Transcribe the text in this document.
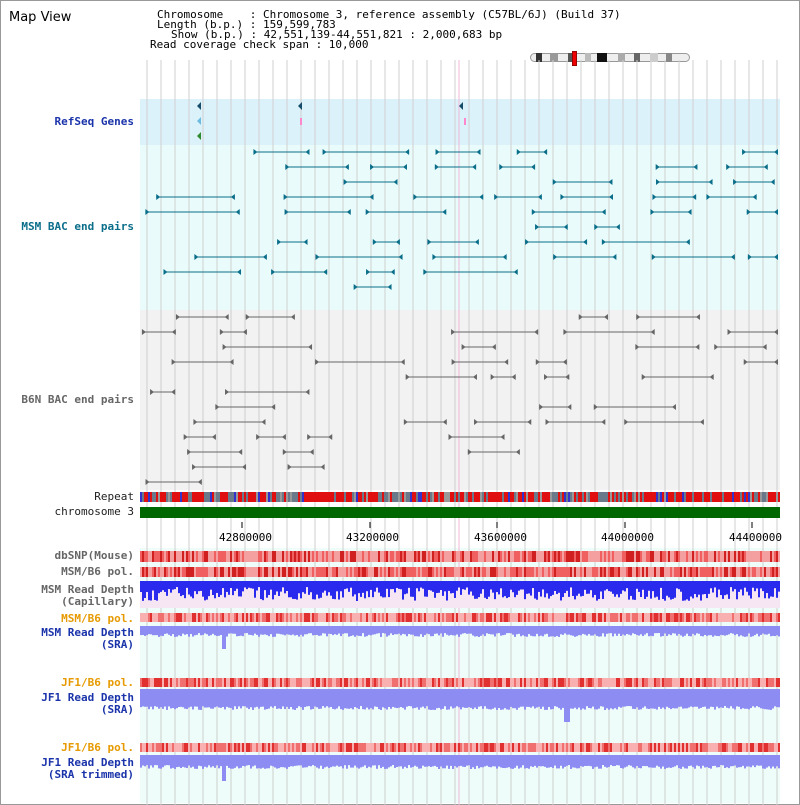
Map View	Chromosome    : Chromosome 3, reference assembly (C57BL/6J) (Build 37)
Length (b.p.) : 159,599,783
Show (b.p.) : 42,551,139-44,551,821 : 2,000,683 bp
Read coverage check span : 10,000
RefSeq Genes
MSM BAC end pairs
B6N BAC end pairs
Repeat
chromosome 3
dbSNP(Mouse)
MSM/B6 pol.
MSM Read Depth
(Capillary)
MSM/B6 pol.
MSM Read Depth
(SRA)
JF1/B6 pol.
JF1 Read Depth
(SRA)
JF1/B6 pol.
JF1 Read Depth
(SRA trimmed)
42800000	43200000	43600000	44000000	44400000
